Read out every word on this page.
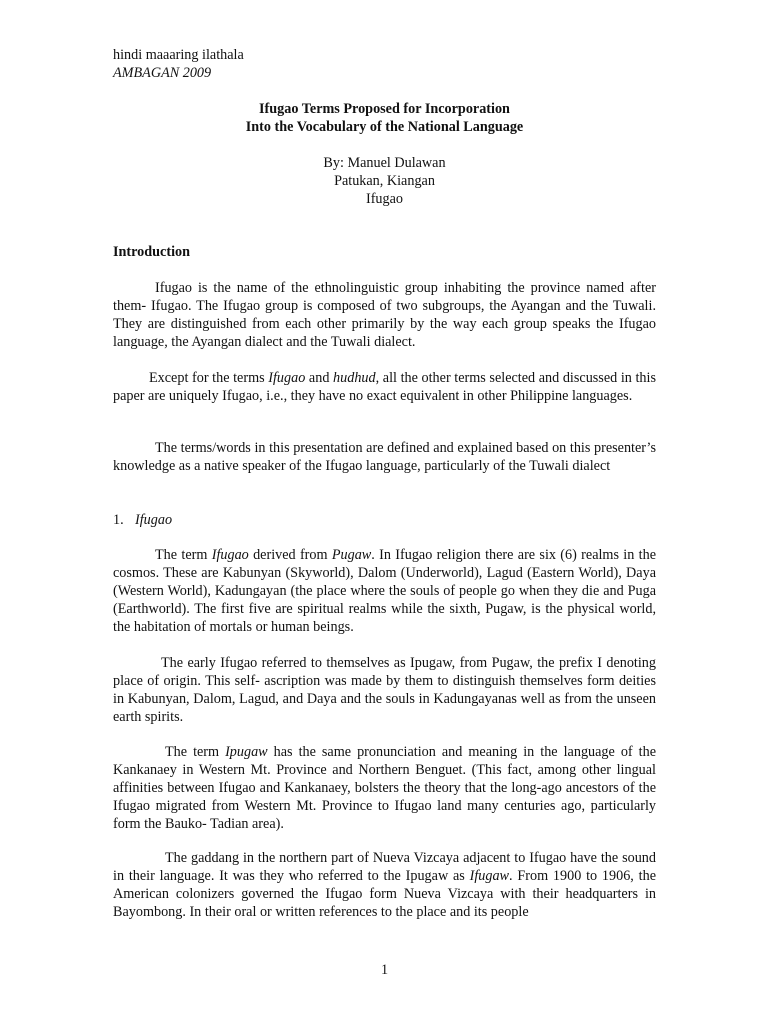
hindi maaaring ilathala

AMBAGAN 2009

Ifugao Terms Proposed for Incorporation

Into the Vocabulary of the National Language

By: Manuel Dulawan

Patukan, Kiangan

Ifugao

Introduction

Ifugao is the name of the ethnolinguistic group inhabiting the province named after them- Ifugao. The Ifugao group is composed of two subgroups, the Ayangan and the Tuwali. They are distinguished from each other primarily by the way each group speaks the Ifugao language, the Ayangan dialect and the Tuwali dialect.

Except for the terms Ifugao and hudhud, all the other terms selected and discussed in this paper are uniquely Ifugao, i.e., they have no exact equivalent in other Philippine languages.

The terms/words in this presentation are defined and explained based on this presenter’s knowledge as a native speaker of the Ifugao language, particularly of the Tuwali dialect

1. Ifugao

The term Ifugao derived from Pugaw. In Ifugao religion there are six (6) realms in the cosmos. These are Kabunyan (Skyworld), Dalom (Underworld), Lagud (Eastern World), Daya (Western World), Kadungayan (the place where the souls of people go when they die and Puga (Earthworld). The first five are spiritual realms while the sixth, Pugaw, is the physical world, the habitation of mortals or human beings.

The early Ifugao referred to themselves as Ipugaw, from Pugaw, the prefix I denoting place of origin. This self- ascription was made by them to distinguish themselves form deities in Kabunyan, Dalom, Lagud, and Daya and the souls in Kadungayanas well as from the unseen earth spirits.

The term Ipugaw has the same pronunciation and meaning in the language of the Kankanaey in Western Mt. Province and Northern Benguet. (This fact, among other lingual affinities between Ifugao and Kankanaey, bolsters the theory that the long-ago ancestors of the Ifugao migrated from Western Mt. Province to Ifugao land many centuries ago, particularly form the Bauko- Tadian area).

The gaddang in the northern part of Nueva Vizcaya adjacent to Ifugao have the sound in their language. It was they who referred to the Ipugaw as Ifugaw. From 1900 to 1906, the American colonizers governed the Ifugao form Nueva Vizcaya with their headquarters in Bayombong. In their oral or written references to the place and its people

1
